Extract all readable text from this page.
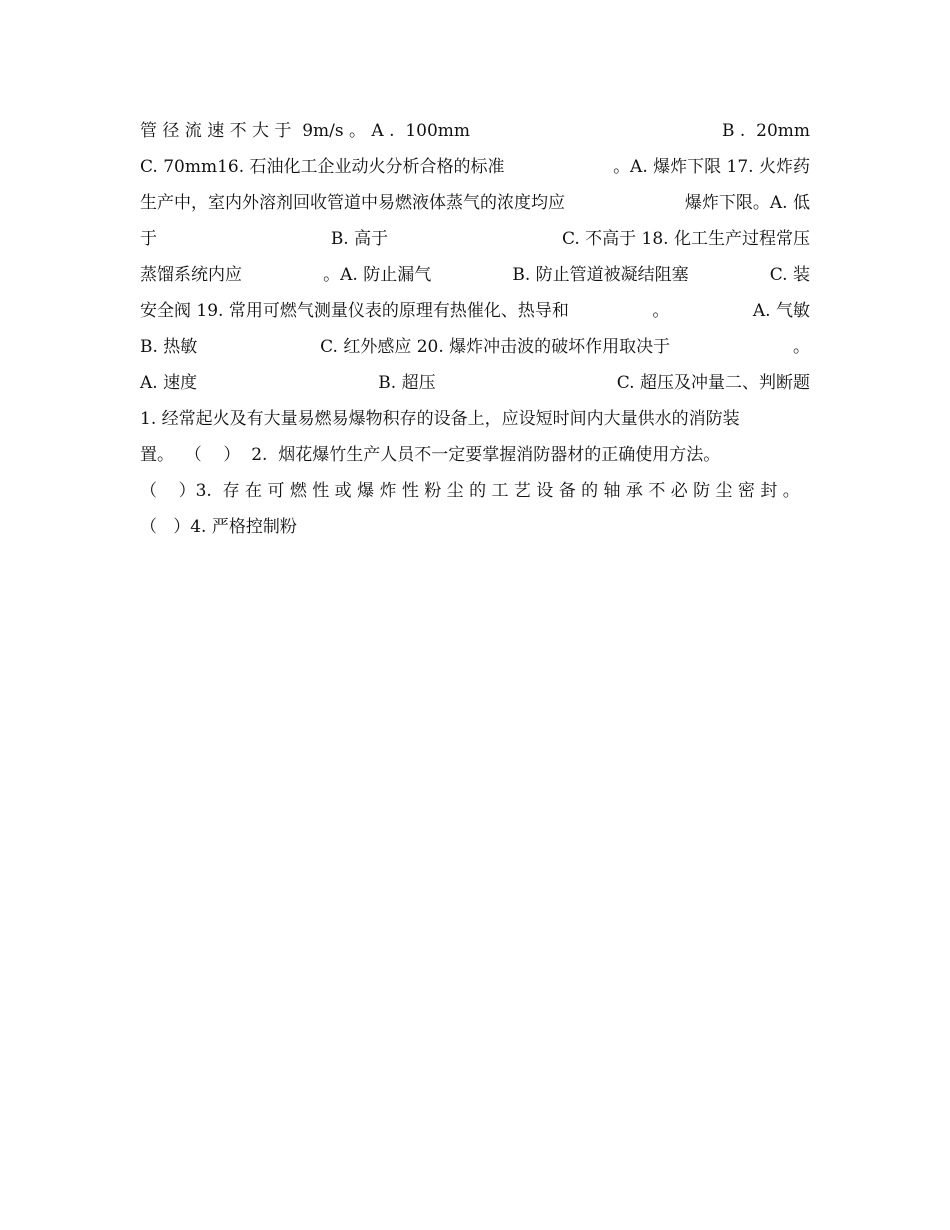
管 径 流 速 不 大 于  9m/s 。 A .  100mm	B .  20mm
C. 70mm16. 石油化工企业动火分析合格的标准	。A. 爆炸下限 17. 火炸药
生产中，室内外溶剂回收管道中易燃液体蒸气的浓度均应	爆炸下限。A. 低
于	B. 高于	C. 不高于 18. 化工生产过程常压
蒸馏系统内应	。A. 防止漏气	B. 防止管道被凝结阻塞	C. 装
安全阀 19. 常用可燃气测量仪表的原理有热催化、热导和	。	A. 气敏
B. 热敏	C. 红外感应 20. 爆炸冲击波的破坏作用取决于	。
A. 速度	B. 超压	C. 超压及冲量二、判断题
1. 经常起火及有大量易燃易爆物积存的设备上，应设短时间内大量供水的消防装
置。  （    ）  2.  烟花爆竹生产人员不一定要掌握消防器材的正确使用方法。
（    ）3.  存 在 可 燃 性 或 爆 炸 性 粉 尘 的 工 艺 设 备 的 轴 承 不 必 防 尘 密 封 。
（   ）4. 严格控制粉
